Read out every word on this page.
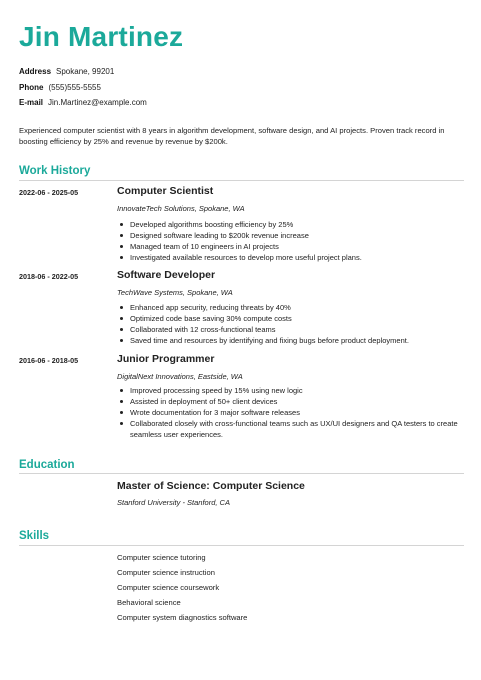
Jin Martinez
Address Spokane, 99201
Phone (555)555-5555
E-mail Jin.Martinez@example.com
Experienced computer scientist with 8 years in algorithm development, software design, and AI projects. Proven track record in boosting efficiency by 25% and revenue by revenue by $200k.
Work History
2022-06 - 2025-05	Computer Scientist
InnovateTech Solutions, Spokane, WA
Developed algorithms boosting efficiency by 25%
Designed software leading to $200k revenue increase
Managed team of 10 engineers in AI projects
Investigated available resources to develop more useful project plans.
2018-06 - 2022-05	Software Developer
TechWave Systems, Spokane, WA
Enhanced app security, reducing threats by 40%
Optimized code base saving 30% compute costs
Collaborated with 12 cross-functional teams
Saved time and resources by identifying and fixing bugs before product deployment.
2016-06 - 2018-05	Junior Programmer
DigitalNext Innovations, Eastside, WA
Improved processing speed by 15% using new logic
Assisted in deployment of 50+ client devices
Wrote documentation for 3 major software releases
Collaborated closely with cross-functional teams such as UX/UI designers and QA testers to create seamless user experiences.
Education
Master of Science: Computer Science
Stanford University - Stanford, CA
Skills
Computer science tutoring
Computer science instruction
Computer science coursework
Behavioral science
Computer system diagnostics software
